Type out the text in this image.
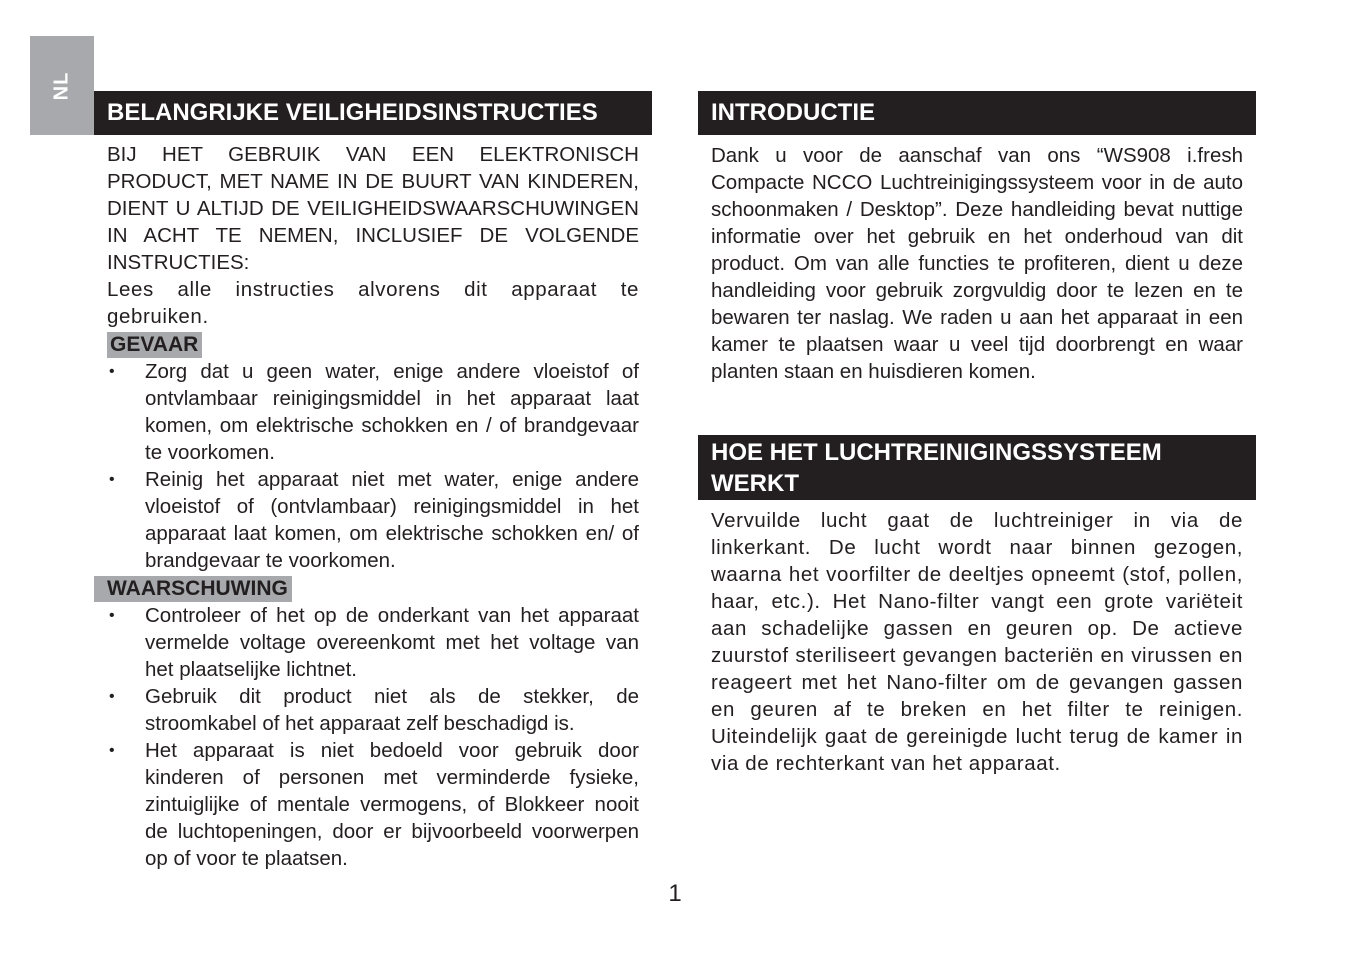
NL
BELANGRIJKE VEILIGHEIDSINSTRUCTIES

BIJ HET GEBRUIK VAN EEN ELEKTRONISCH PRODUCT, MET NAME IN DE BUURT VAN KINDEREN, DIENT U ALTIJD DE VEILIGHEIDSWAARSCHUWINGEN IN ACHT TE NEMEN, INCLUSIEF DE VOLGENDE INSTRUCTIES:

Lees alle instructies alvorens dit apparaat te gebruiken.

GEVAAR
• Zorg dat u geen water, enige andere vloeistof of ontvlambaar reinigingsmiddel in het apparaat laat komen, om elektrische schokken en / of brandgevaar te voorkomen.
• Reinig het apparaat niet met water, enige andere vloeistof of (ontvlambaar) reinigingsmiddel in het apparaat laat komen, om elektrische schokken en/ of brandgevaar te voorkomen.
WAARSCHUWING
• Controleer of het op de onderkant van het apparaat vermelde voltage overeenkomt met het voltage van het plaatselijke lichtnet.
• Gebruik dit product niet als de stekker, de stroomkabel of het apparaat zelf beschadigd is.
• Het apparaat is niet bedoeld voor gebruik door kinderen of personen met verminderde fysieke, zintuiglijke of mentale vermogens, of Blokkeer nooit de luchtopeningen, door er bijvoorbeeld voorwerpen op of voor te plaatsen.
INTRODUCTIE

Dank u voor de aanschaf van ons “WS908 i.fresh Compacte NCCO Luchtreinigingssysteem voor in de auto schoonmaken / Desktop”. Deze handleiding bevat nuttige informatie over het gebruik en het onderhoud van dit product. Om van alle functies te profiteren, dient u deze handleiding voor gebruik zorgvuldig door te lezen en te bewaren ter naslag. We raden u aan het apparaat in een kamer te plaatsen waar u veel tijd doorbrengt en waar planten staan en huisdieren komen.

HOE HET LUCHTREINIGINGSSYSTEEM WERKT

Vervuilde lucht gaat de luchtreiniger in via de linkerkant. De lucht wordt naar binnen gezogen, waarna het voorfilter de deeltjes opneemt (stof, pollen, haar, etc.). Het Nano-filter vangt een grote variëteit aan schadelijke gassen en geuren op. De actieve zuurstof steriliseert gevangen bacteriën en virussen en reageert met het Nano-filter om de gevangen gassen en geuren af te breken en het filter te reinigen. Uiteindelijk gaat de gereinigde lucht terug de kamer in via de rechterkant van het apparaat.

1
